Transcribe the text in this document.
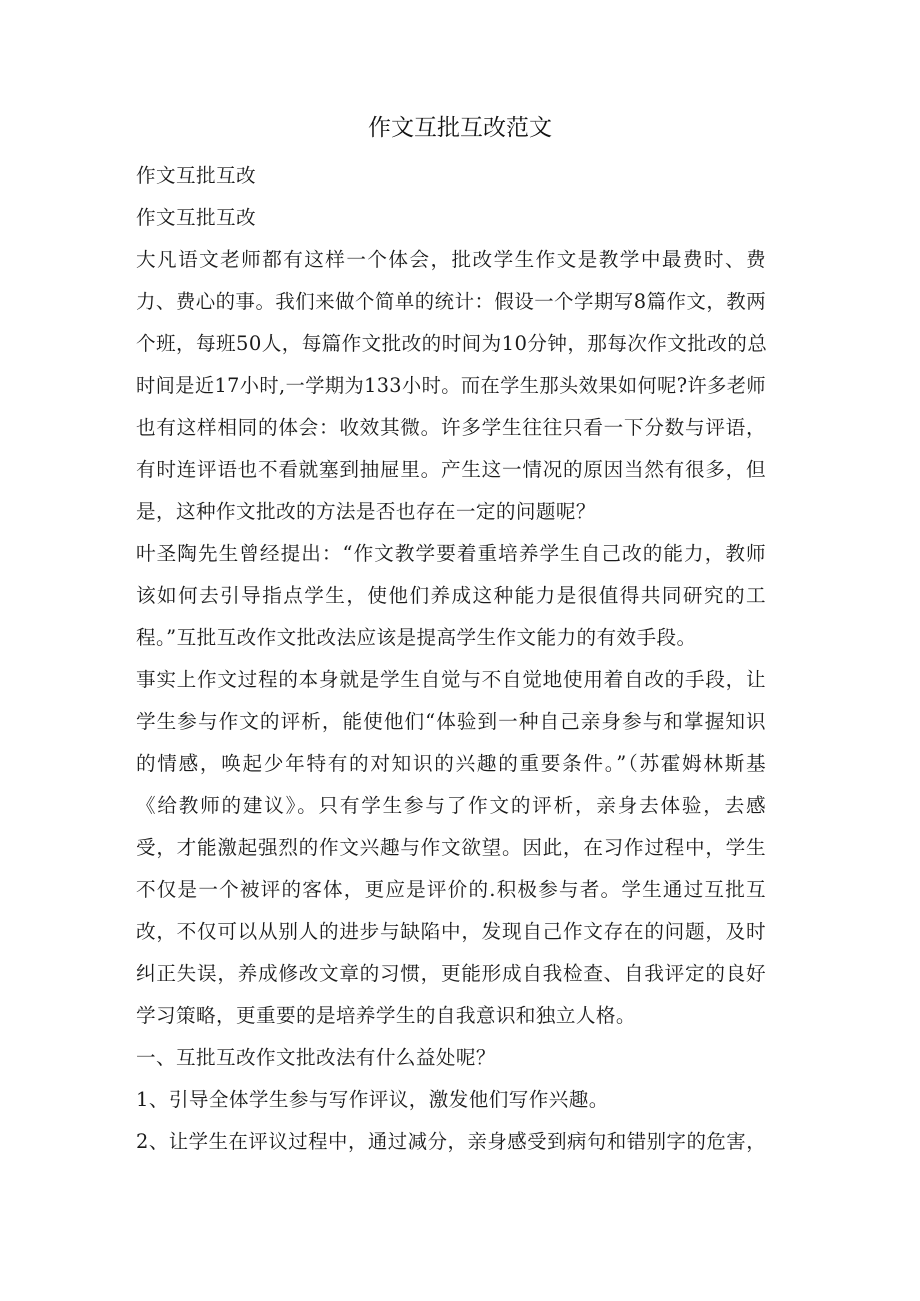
作文互批互改范文
作文互批互改
作文互批互改
大凡语文老师都有这样一个体会，批改学生作文是教学中最费时、费
力、费心的事。我们来做个简单的统计：假设一个学期写8篇作文，教两
个班，每班50人，每篇作文批改的时间为10分钟，那每次作文批改的总
时间是近17小时,一学期为133小时。而在学生那头效果如何呢?许多老师
也有这样相同的体会：收效其微。许多学生往往只看一下分数与评语，
有时连评语也不看就塞到抽屉里。产生这一情况的原因当然有很多，但
是，这种作文批改的方法是否也存在一定的问题呢？
叶圣陶先生曾经提出：“作文教学要着重培养学生自己改的能力，教师
该如何去引导指点学生，使他们养成这种能力是很值得共同研究的工
程。”互批互改作文批改法应该是提高学生作文能力的有效手段。
事实上作文过程的本身就是学生自觉与不自觉地使用着自改的手段，让
学生参与作文的评析，能使他们“体验到一种自己亲身参与和掌握知识
的情感，唤起少年特有的对知识的兴趣的重要条件。”（苏霍姆林斯基
《给教师的建议》。只有学生参与了作文的评析，亲身去体验，去感
受，才能激起强烈的作文兴趣与作文欲望。因此，在习作过程中，学生
不仅是一个被评的客体，更应是评价的.积极参与者。学生通过互批互
改，不仅可以从别人的进步与缺陷中，发现自己作文存在的问题，及时
纠正失误，养成修改文章的习惯，更能形成自我检查、自我评定的良好
学习策略，更重要的是培养学生的自我意识和独立人格。
一、互批互改作文批改法有什么益处呢？
1、引导全体学生参与写作评议，激发他们写作兴趣。
2、让学生在评议过程中，通过减分，亲身感受到病句和错别字的危害，
